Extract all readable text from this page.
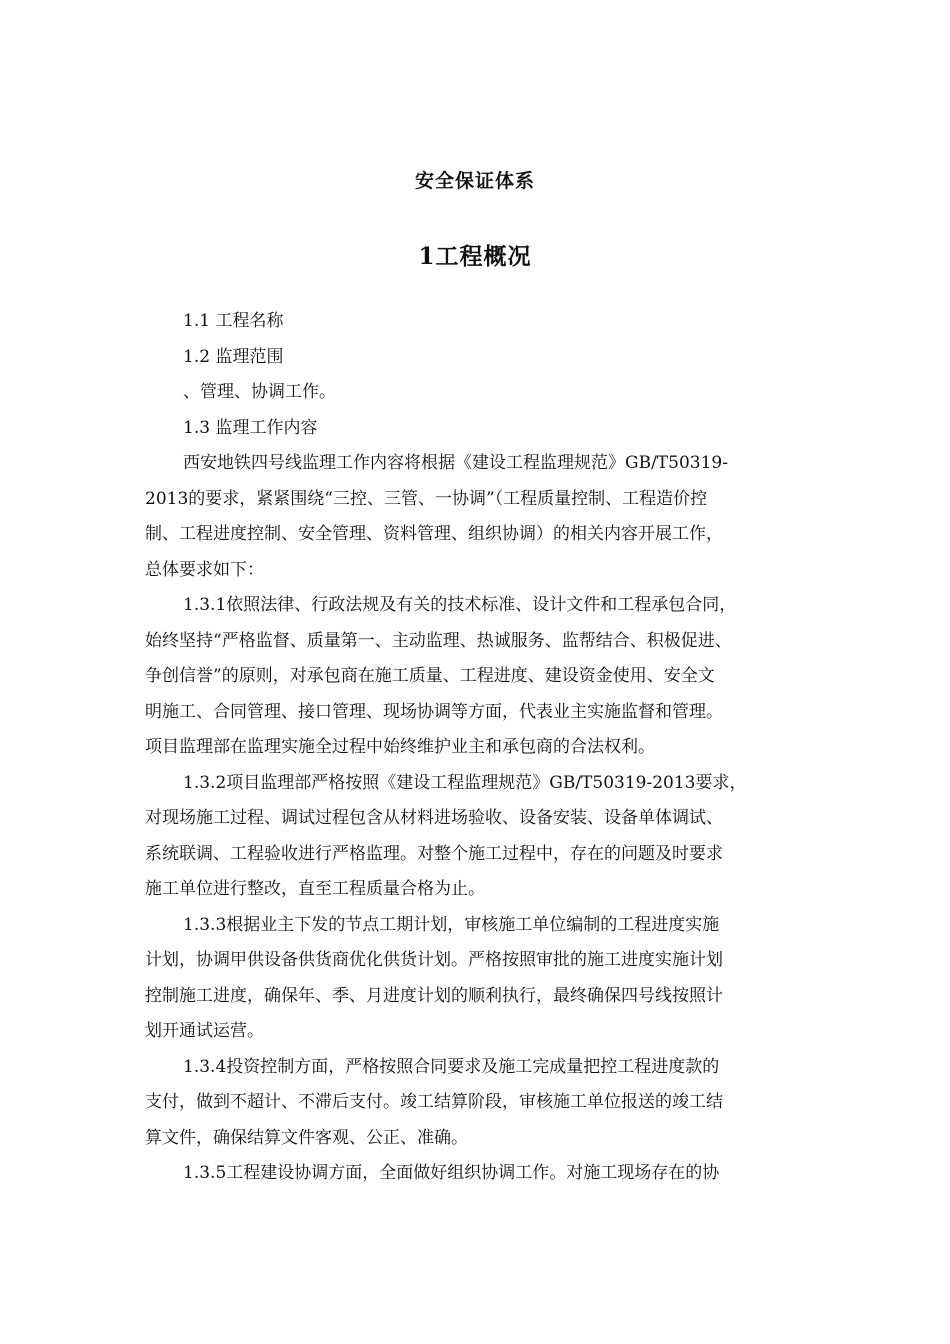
安全保证体系
1工程概况
1.1 工程名称
1.2 监理范围
、管理、协调工作。
1.3 监理工作内容
西安地铁四号线监理工作内容将根据《建设工程监理规范》GB/T50319-
2013的要求，紧紧围绕“三控、三管、一协调”（工程质量控制、工程造价控
制、工程进度控制、安全管理、资料管理、组织协调）的相关内容开展工作，
总体要求如下：
1.3.1依照法律、行政法规及有关的技术标准、设计文件和工程承包合同，
始终坚持“严格监督、质量第一、主动监理、热诚服务、监帮结合、积极促进、
争创信誉”的原则，对承包商在施工质量、工程进度、建设资金使用、安全文
明施工、合同管理、接口管理、现场协调等方面，代表业主实施监督和管理。
项目监理部在监理实施全过程中始终维护业主和承包商的合法权利。
1.3.2项目监理部严格按照《建设工程监理规范》GB/T50319-2013要求，
对现场施工过程、调试过程包含从材料进场验收、设备安装、设备单体调试、
系统联调、工程验收进行严格监理。对整个施工过程中，存在的问题及时要求
施工单位进行整改，直至工程质量合格为止。
1.3.3根据业主下发的节点工期计划，审核施工单位编制的工程进度实施
计划，协调甲供设备供货商优化供货计划。严格按照审批的施工进度实施计划
控制施工进度，确保年、季、月进度计划的顺利执行，最终确保四号线按照计
划开通试运营。
1.3.4投资控制方面，严格按照合同要求及施工完成量把控工程进度款的
支付，做到不超计、不滞后支付。竣工结算阶段，审核施工单位报送的竣工结
算文件，确保结算文件客观、公正、准确。
1.3.5工程建设协调方面，全面做好组织协调工作。对施工现场存在的协
